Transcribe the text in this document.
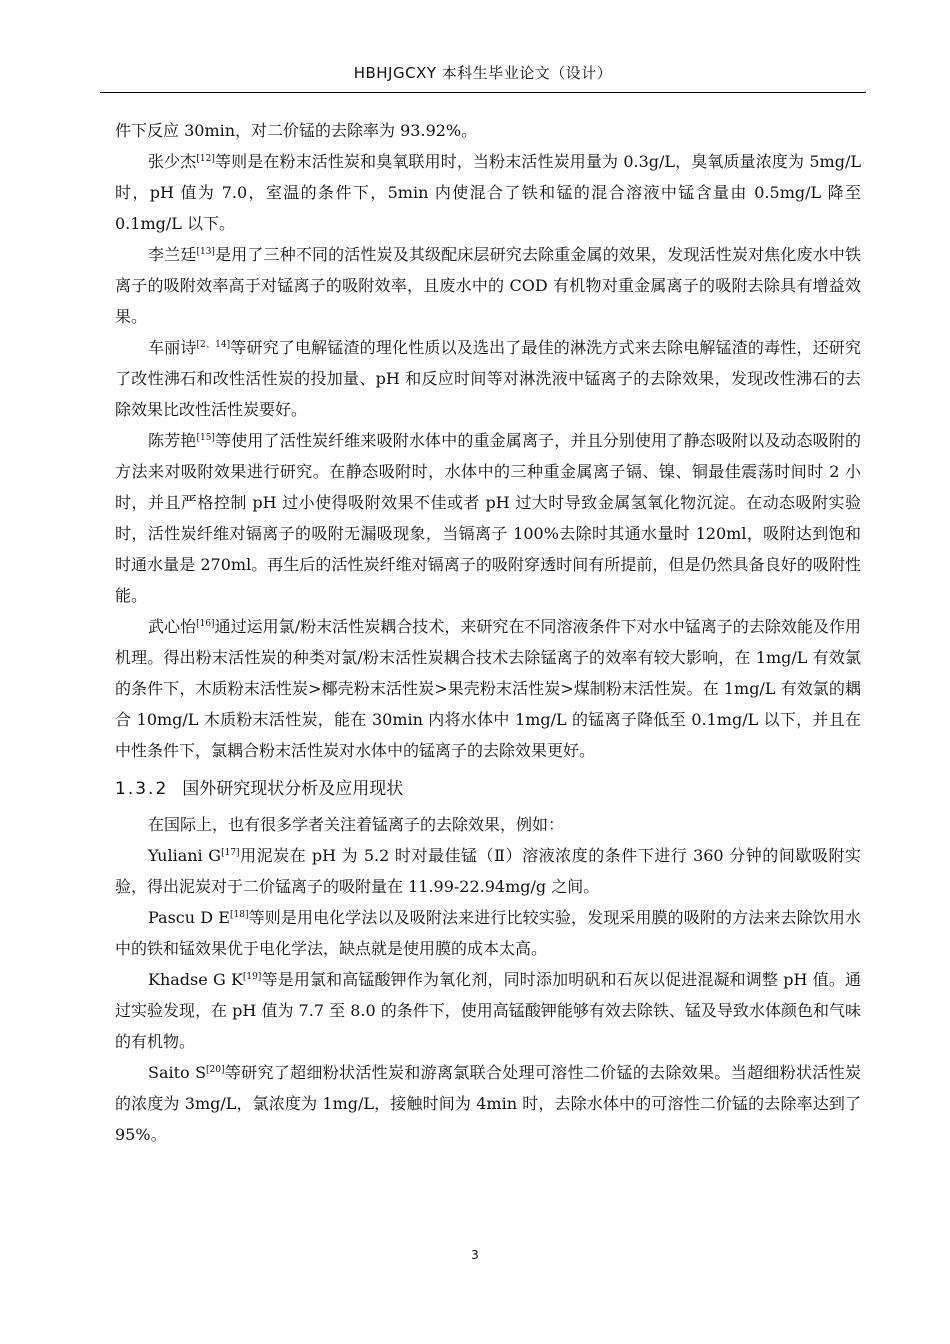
HBHJGCXY 本科生毕业论文（设计）

件下反应 30min，对二价锰的去除率为 93.92%。

张少杰[12]等则是在粉末活性炭和臭氧联用时，当粉末活性炭用量为 0.3g/L，臭氧质量浓度为 5mg/L 时，pH 值为 7.0，室温的条件下，5min 内使混合了铁和锰的混合溶液中锰含量由 0.5mg/L 降至 0.1mg/L 以下。

李兰廷[13]是用了三种不同的活性炭及其级配床层研究去除重金属的效果，发现活性炭对焦化废水中铁离子的吸附效率高于对锰离子的吸附效率，且废水中的 COD 有机物对重金属离子的吸附去除具有增益效果。

车丽诗[2、14]等研究了电解锰渣的理化性质以及选出了最佳的淋洗方式来去除电解锰渣的毒性，还研究了改性沸石和改性活性炭的投加量、pH 和反应时间等对淋洗液中锰离子的去除效果，发现改性沸石的去除效果比改性活性炭要好。

陈芳艳[15]等使用了活性炭纤维来吸附水体中的重金属离子，并且分别使用了静态吸附以及动态吸附的方法来对吸附效果进行研究。在静态吸附时，水体中的三种重金属离子镉、镍、铜最佳震荡时间时 2 小时，并且严格控制 pH 过小使得吸附效果不佳或者 pH 过大时导致金属氢氧化物沉淀。在动态吸附实验时，活性炭纤维对镉离子的吸附无漏吸现象，当镉离子 100%去除时其通水量时 120ml，吸附达到饱和时通水量是 270ml。再生后的活性炭纤维对镉离子的吸附穿透时间有所提前，但是仍然具备良好的吸附性能。

武心怡[16]通过运用氯/粉末活性炭耦合技术，来研究在不同溶液条件下对水中锰离子的去除效能及作用机理。得出粉末活性炭的种类对氯/粉末活性炭耦合技术去除锰离子的效率有较大影响，在 1mg/L 有效氯的条件下，木质粉末活性炭>椰壳粉末活性炭>果壳粉末活性炭>煤制粉末活性炭。在 1mg/L 有效氯的耦合 10mg/L 木质粉末活性炭，能在 30min 内将水体中 1mg/L 的锰离子降低至 0.1mg/L 以下，并且在中性条件下，氯耦合粉末活性炭对水体中的锰离子的去除效果更好。

1.3.2 国外研究现状分析及应用现状

在国际上，也有很多学者关注着锰离子的去除效果，例如：

Yuliani G[17]用泥炭在 pH 为 5.2 时对最佳锰（Ⅱ）溶液浓度的条件下进行 360 分钟的间歇吸附实验，得出泥炭对于二价锰离子的吸附量在 11.99-22.94mg/g 之间。

Pascu D E[18]等则是用电化学法以及吸附法来进行比较实验，发现采用膜的吸附的方法来去除饮用水中的铁和锰效果优于电化学法，缺点就是使用膜的成本太高。

Khadse G K[19]等是用氯和高锰酸钾作为氧化剂，同时添加明矾和石灰以促进混凝和调整 pH 值。通过实验发现，在 pH 值为 7.7 至 8.0 的条件下，使用高锰酸钾能够有效去除铁、锰及导致水体颜色和气味的有机物。

Saito S[20]等研究了超细粉状活性炭和游离氯联合处理可溶性二价锰的去除效果。当超细粉状活性炭的浓度为 3mg/L，氯浓度为 1mg/L，接触时间为 4min 时，去除水体中的可溶性二价锰的去除率达到了 95%。

3
